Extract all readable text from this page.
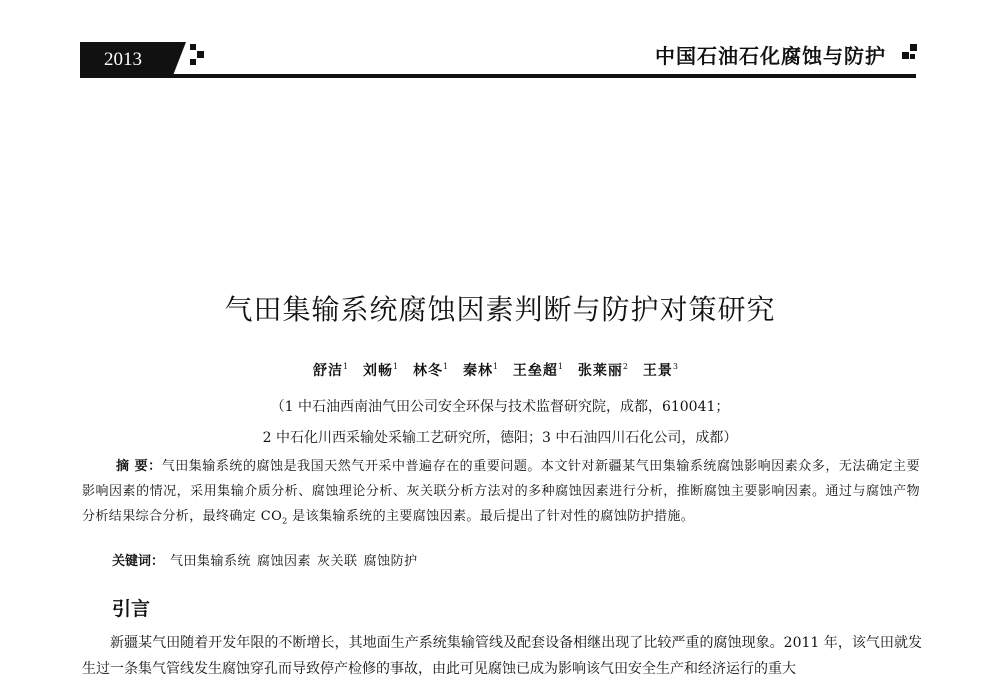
2013	中国石油石化腐蚀与防护
气田集输系统腐蚀因素判断与防护对策研究
舒洁$^1$ 刘畅$^1$ 林冬$^1$ 秦林$^1$ 王垒超$^1$ 张莱丽$^2$ 王景$^3$
（1 中石油西南油气田公司安全环保与技术监督研究院，成都，610041；
2 中石化川西采输处采输工艺研究所，德阳；3 中石油四川石化公司，成都）
摘 要：气田集输系统的腐蚀是我国天然气开采中普遍存在的重要问题。本文针对新疆某气田集输系统腐蚀影响因素众多，无法确定主要影响因素的情况，采用集输介质分析、腐蚀理论分析、灰关联分析方法对的多种腐蚀因素进行分析，推断腐蚀主要影响因素。通过与腐蚀产物分析结果综合分析，最终确定 $CO_2$ 是该集输系统的主要腐蚀因素。最后提出了针对性的腐蚀防护措施。
关键词： 气田集输系统 腐蚀因素 灰关联 腐蚀防护
引言
新疆某气田随着开发年限的不断增长，其地面生产系统集输管线及配套设备相继出现了比较严重的腐蚀现象。2011 年，该气田就发生过一条集气管线发生腐蚀穿孔而导致停产检修的事故，由此可见腐蚀已成为影响该气田安全生产和经济运行的重大
